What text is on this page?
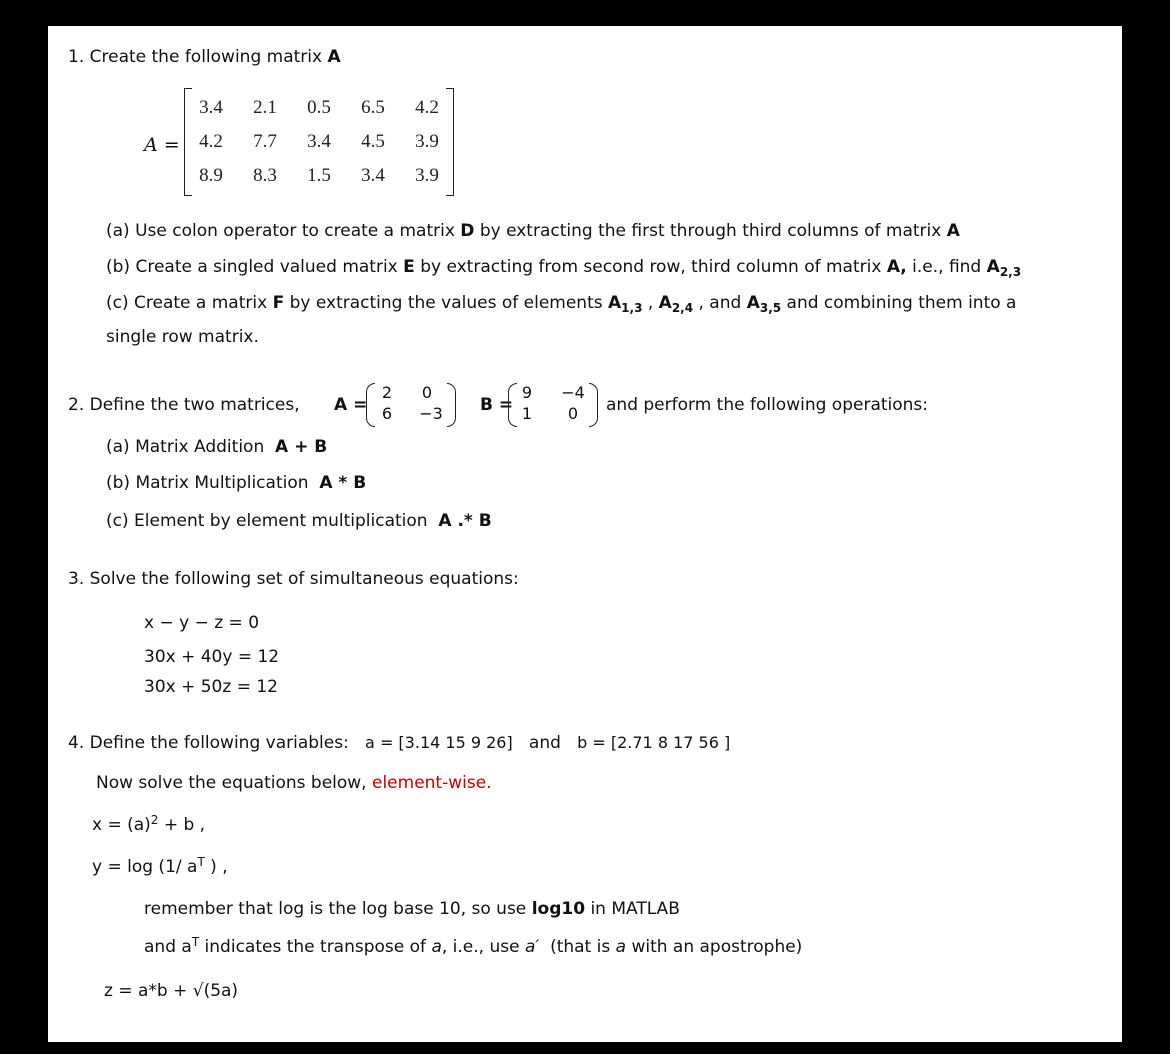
1. Create the following matrix A
A =
3.4	2.1	0.5	6.5	4.2
4.2	7.7	3.4	4.5	3.9
8.9	8.3	1.5	3.4	3.9
(a) Use colon operator to create a matrix D by extracting the first through third columns of matrix A
(b) Create a singled valued matrix E by extracting from second row, third column of matrix A, i.e., find $A_{2,3}$
(c) Create a matrix F by extracting the values of elements $A_{1,3}$ , $A_{2,4}$ , and $A_{3,5}$ and combining them into a
single row matrix.
2. Define the two matrices, A =
2	0
6	−3 B =
9	−4
1	0	and perform the following operations:
(a) Matrix Addition A + B
(b) Matrix Multiplication A * B
(c) Element by element multiplication A .* B
3. Solve the following set of simultaneous equations:
x − y − z = 0
30x + 40y = 12
30x + 50z = 12
4. Define the following variables: a = [3.14 15 9 26] and b = [2.71 8 17 56 ]
Now solve the equations below, element-wise.
$x = (a)^2 + b$ ,
y = log (1/ $a^T$ ) ,
remember that log is the log base 10, so use log10 in MATLAB
and $a^T$ indicates the transpose of a, i.e., use a′ (that is a with an apostrophe)
z = a*b + √(5a)
